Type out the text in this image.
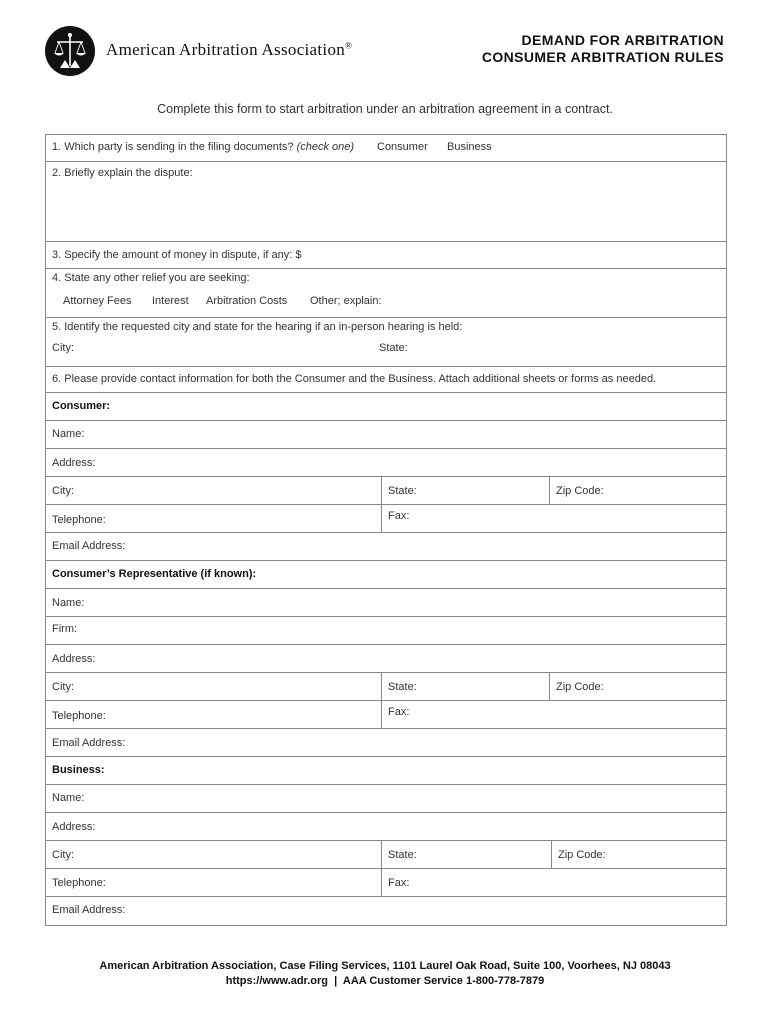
American Arbitration Association®	DEMAND FOR ARBITRATION
CONSUMER ARBITRATION RULES
Complete this form to start arbitration under an arbitration agreement in a contract.
1. Which party is sending in the filing documents? (check one) Consumer Business
2. Briefly explain the dispute:
3. Specify the amount of money in dispute, if any: $
4. State any other relief you are seeking:
Attorney Fees Interest Arbitration Costs Other; explain:
5. Identify the requested city and state for the hearing if an in-person hearing is held:
City:	State:
6. Please provide contact information for both the Consumer and the Business. Attach additional sheets or forms as needed.
Consumer:
Name:
Address:
City:	State:	Zip Code:
Telephone:	Fax:
Email Address:
Consumer’s Representative (if known):
Name:
Firm:
Address:
City:	State:	Zip Code:
Telephone:	Fax:
Email Address:
Business:
Name:
Address:
City:	State:	Zip Code:
Telephone:	Fax:
Email Address:
American Arbitration Association, Case Filing Services, 1101 Laurel Oak Road, Suite 100, Voorhees, NJ 08043
https://www.adr.org  |  AAA Customer Service 1-800-778-7879
